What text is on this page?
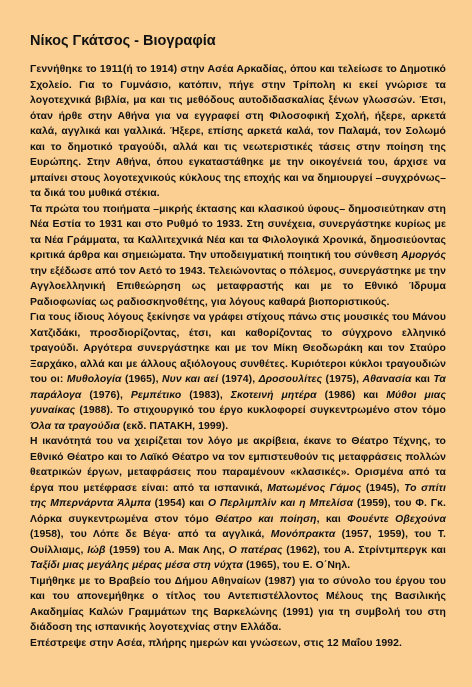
Νίκος Γκάτσος - Βιογραφία

Γεννήθηκε το 1911(ή το 1914) στην Ασέα Αρκαδίας, όπου και τελείωσε το Δημοτικό Σχολείο. Για το Γυμνάσιο, κατόπιν, πήγε στην Τρίπολη κι εκεί γνώρισε τα λογοτεχνικά βιβλία, μα και τις μεθόδους αυτοδιδασκαλίας ξένων γλωσσών. Έτσι, όταν ήρθε στην Αθήνα για να εγγραφεί στη Φιλοσοφική Σχολή, ήξερε, αρκετά καλά, αγγλικά και γαλλικά. Ήξερε, επίσης αρκετά καλά, τον Παλαμά, τον Σολωμό και το δημοτικό τραγούδι, αλλά και τις νεωτεριστικές τάσεις στην ποίηση της Ευρώπης. Στην Αθήνα, όπου εγκαταστάθηκε με την οικογένειά του, άρχισε να μπαίνει στους λογοτεχνικούς κύκλους της εποχής και να δημιουργεί –συγχρόνως– τα δικά του μυθικά στέκια.

Τα πρώτα του ποιήματα –μικρής έκτασης και κλασικού ύφους– δημοσιεύτηκαν στη Νέα Εστία το 1931 και στο Ρυθμό το 1933. Στη συνέχεια, συνεργάστηκε κυρίως με τα Νέα Γράμματα, τα Καλλιτεχνικά Νέα και τα Φιλολογικά Χρονικά, δημοσιεύοντας κριτικά άρθρα και σημειώματα. Την υποδειγματική ποιητική του σύνθεση Αμοργός την εξέδωσε από τον Αετό το 1943. Τελειώνοντας ο πόλεμος, συνεργάστηκε με την Αγγλοελληνική Επιθεώρηση ως μεταφραστής και με το Εθνικό Ίδρυμα Ραδιοφωνίας ως ραδιοσκηνοθέτης, για λόγους καθαρά βιοποριστικούς.

Για τους ίδιους λόγους ξεκίνησε να γράφει στίχους πάνω στις μουσικές του Μάνου Χατζιδάκι, προσδιορίζοντας, έτσι, και καθορίζοντας το σύγχρονο ελληνικό τραγούδι. Αργότερα συνεργάστηκε και με τον Μίκη Θεοδωράκη και τον Σταύρο Ξαρχάκο, αλλά και με άλλους αξιόλογους συνθέτες. Κυριότεροι κύκλοι τραγουδιών του οι: Μυθολογία (1965), Νυν και αεί (1974), Δροσουλίτες (1975), Αθανασία και Τα παράλογα (1976), Ρεμπέτικο (1983), Σκοτεινή μητέρα (1986) και Μύθοι μιας γυναίκας (1988). Το στιχουργικό του έργο κυκλοφορεί συγκεντρωμένο στον τόμο Όλα τα τραγούδια (εκδ. ΠΑΤΑΚΗ, 1999).

Η ικανότητά του να χειρίζεται τον λόγο με ακρίβεια, έκανε το Θέατρο Τέχνης, το Εθνικό Θέατρο και το Λαϊκό Θέατρο να τον εμπιστευθούν τις μεταφράσεις πολλών θεατρικών έργων, μεταφράσεις που παραμένουν «κλασικές». Ορισμένα από τα έργα που μετέφρασε είναι: από τα ισπανικά, Ματωμένος Γάμος (1945), Το σπίτι της Μπερνάρντα Άλμπα (1954) και Ο Περλιμπλίν και η Μπελίσα (1959), του Φ. Γκ. Λόρκα συγκεντρωμένα στον τόμο Θέατρο και ποίηση, και Φουέντε Οβεχούνα (1958), του Λόπε δε Βέγα· από τα αγγλικά, Μονόπρακτα (1957, 1959), του Τ. Ουίλλιαμς, Ιώβ (1959) του Α. Μακ Λης, Ο πατέρας (1962), του Α. Στρίντμπεργκ και Ταξίδι μιας μεγάλης μέρας μέσα στη νύχτα (1965), του Ε. Ο΄Νηλ.

Τιμήθηκε με το Βραβείο του Δήμου Αθηναίων (1987) για το σύνολο του έργου του και του απονεμήθηκε ο τίτλος του Αντεπιστέλλοντος Μέλους της Βασιλικής Ακαδημίας Καλών Γραμμάτων της Βαρκελώνης (1991) για τη συμβολή του στη διάδοση της ισπανικής λογοτεχνίας στην Ελλάδα.

Επέστρεψε στην Ασέα, πλήρης ημερών και γνώσεων, στις 12 Μαΐου 1992.
